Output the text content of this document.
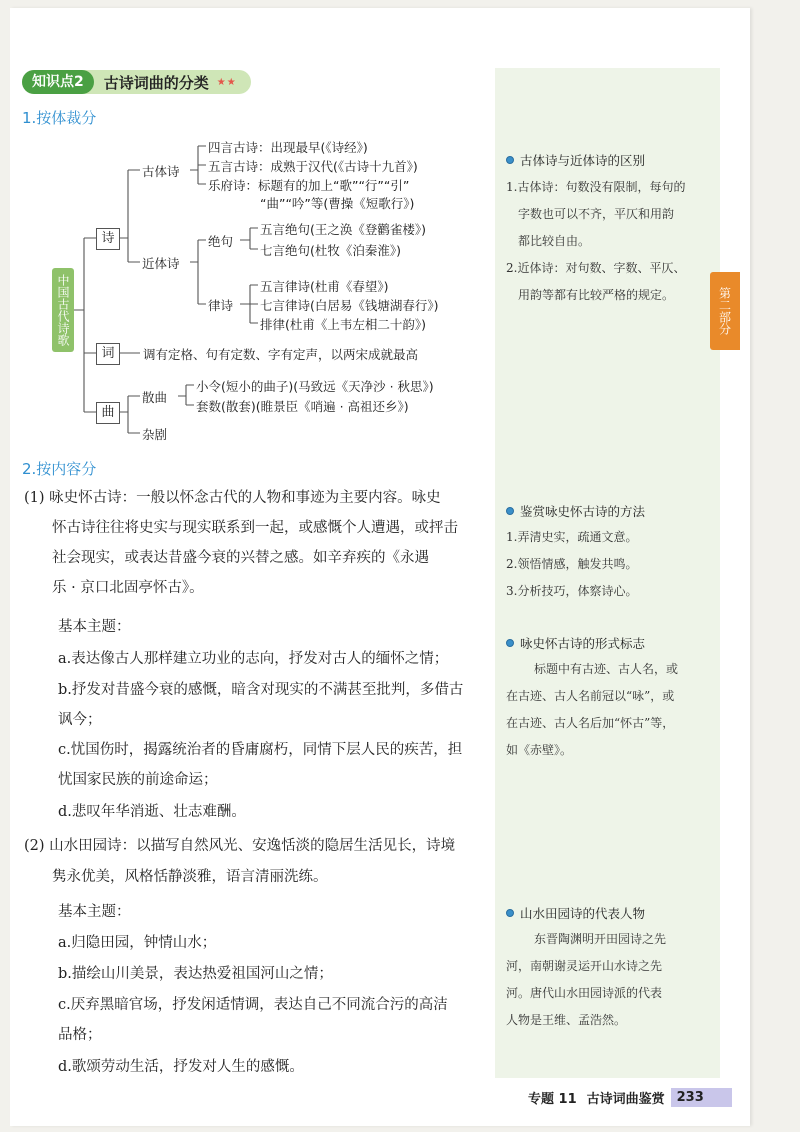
知识点2	古诗词曲的分类 ★★
1.按体裁分
中国古代诗歌
诗
词
曲
古体诗
四言古诗：出现最早(《诗经》)
五言古诗：成熟于汉代(《古诗十九首》)
乐府诗：标题有的加上“歌”“行”“引”
“曲”“吟”等(曹操《短歌行》)
近体诗
绝句
五言绝句(王之涣《登鹳雀楼》)
七言绝句(杜牧《泊秦淮》)
律诗
五言律诗(杜甫《春望》)
七言律诗(白居易《钱塘湖春行》)
排律(杜甫《上韦左相二十韵》)
调有定格、句有定数、字有定声，以两宋成就最高
散曲
小令(短小的曲子)(马致远《天净沙 · 秋思》)
套数(散套)(睢景臣《哨遍 · 高祖还乡》)
杂剧
2.按内容分
(1) 咏史怀古诗：一般以怀念古代的人物和事迹为主要内容。咏史
怀古诗往往将史实与现实联系到一起，或感慨个人遭遇，或抨击
社会现实，或表达昔盛今衰的兴替之感。如辛弃疾的《永遇
乐 · 京口北固亭怀古》。
基本主题：
a.表达像古人那样建立功业的志向，抒发对古人的缅怀之情；
b.抒发对昔盛今衰的感慨，暗含对现实的不满甚至批判，多借古
讽今；
c.忧国伤时，揭露统治者的昏庸腐朽，同情下层人民的疾苦，担
忧国家民族的前途命运；
d.悲叹年华消逝、壮志难酬。
(2) 山水田园诗：以描写自然风光、安逸恬淡的隐居生活见长，诗境
隽永优美，风格恬静淡雅，语言清丽洗练。
基本主题：
a.归隐田园，钟情山水；
b.描绘山川美景，表达热爱祖国河山之情；
c.厌弃黑暗官场，抒发闲适情调，表达自己不同流合污的高洁
品格；
d.歌颂劳动生活，抒发对人生的感慨。
古体诗与近体诗的区别
1.古体诗：句数没有限制，每句的
字数也可以不齐，平仄和用韵
都比较自由。
2.近体诗：对句数、字数、平仄、
用韵等都有比较严格的规定。
鉴赏咏史怀古诗的方法
1.弄清史实，疏通文意。
2.领悟情感，触发共鸣。
3.分析技巧，体察诗心。
咏史怀古诗的形式标志
标题中有古迹、古人名，或
在古迹、古人名前冠以“咏”，或
在古迹、古人名后加“怀古”等，
如《赤壁》。
山水田园诗的代表人物
东晋陶渊明开田园诗之先
河，南朝谢灵运开山水诗之先
河。唐代山水田园诗派的代表
人物是王维、孟浩然。
第二部分
专题 11 古诗词曲鉴赏 233
